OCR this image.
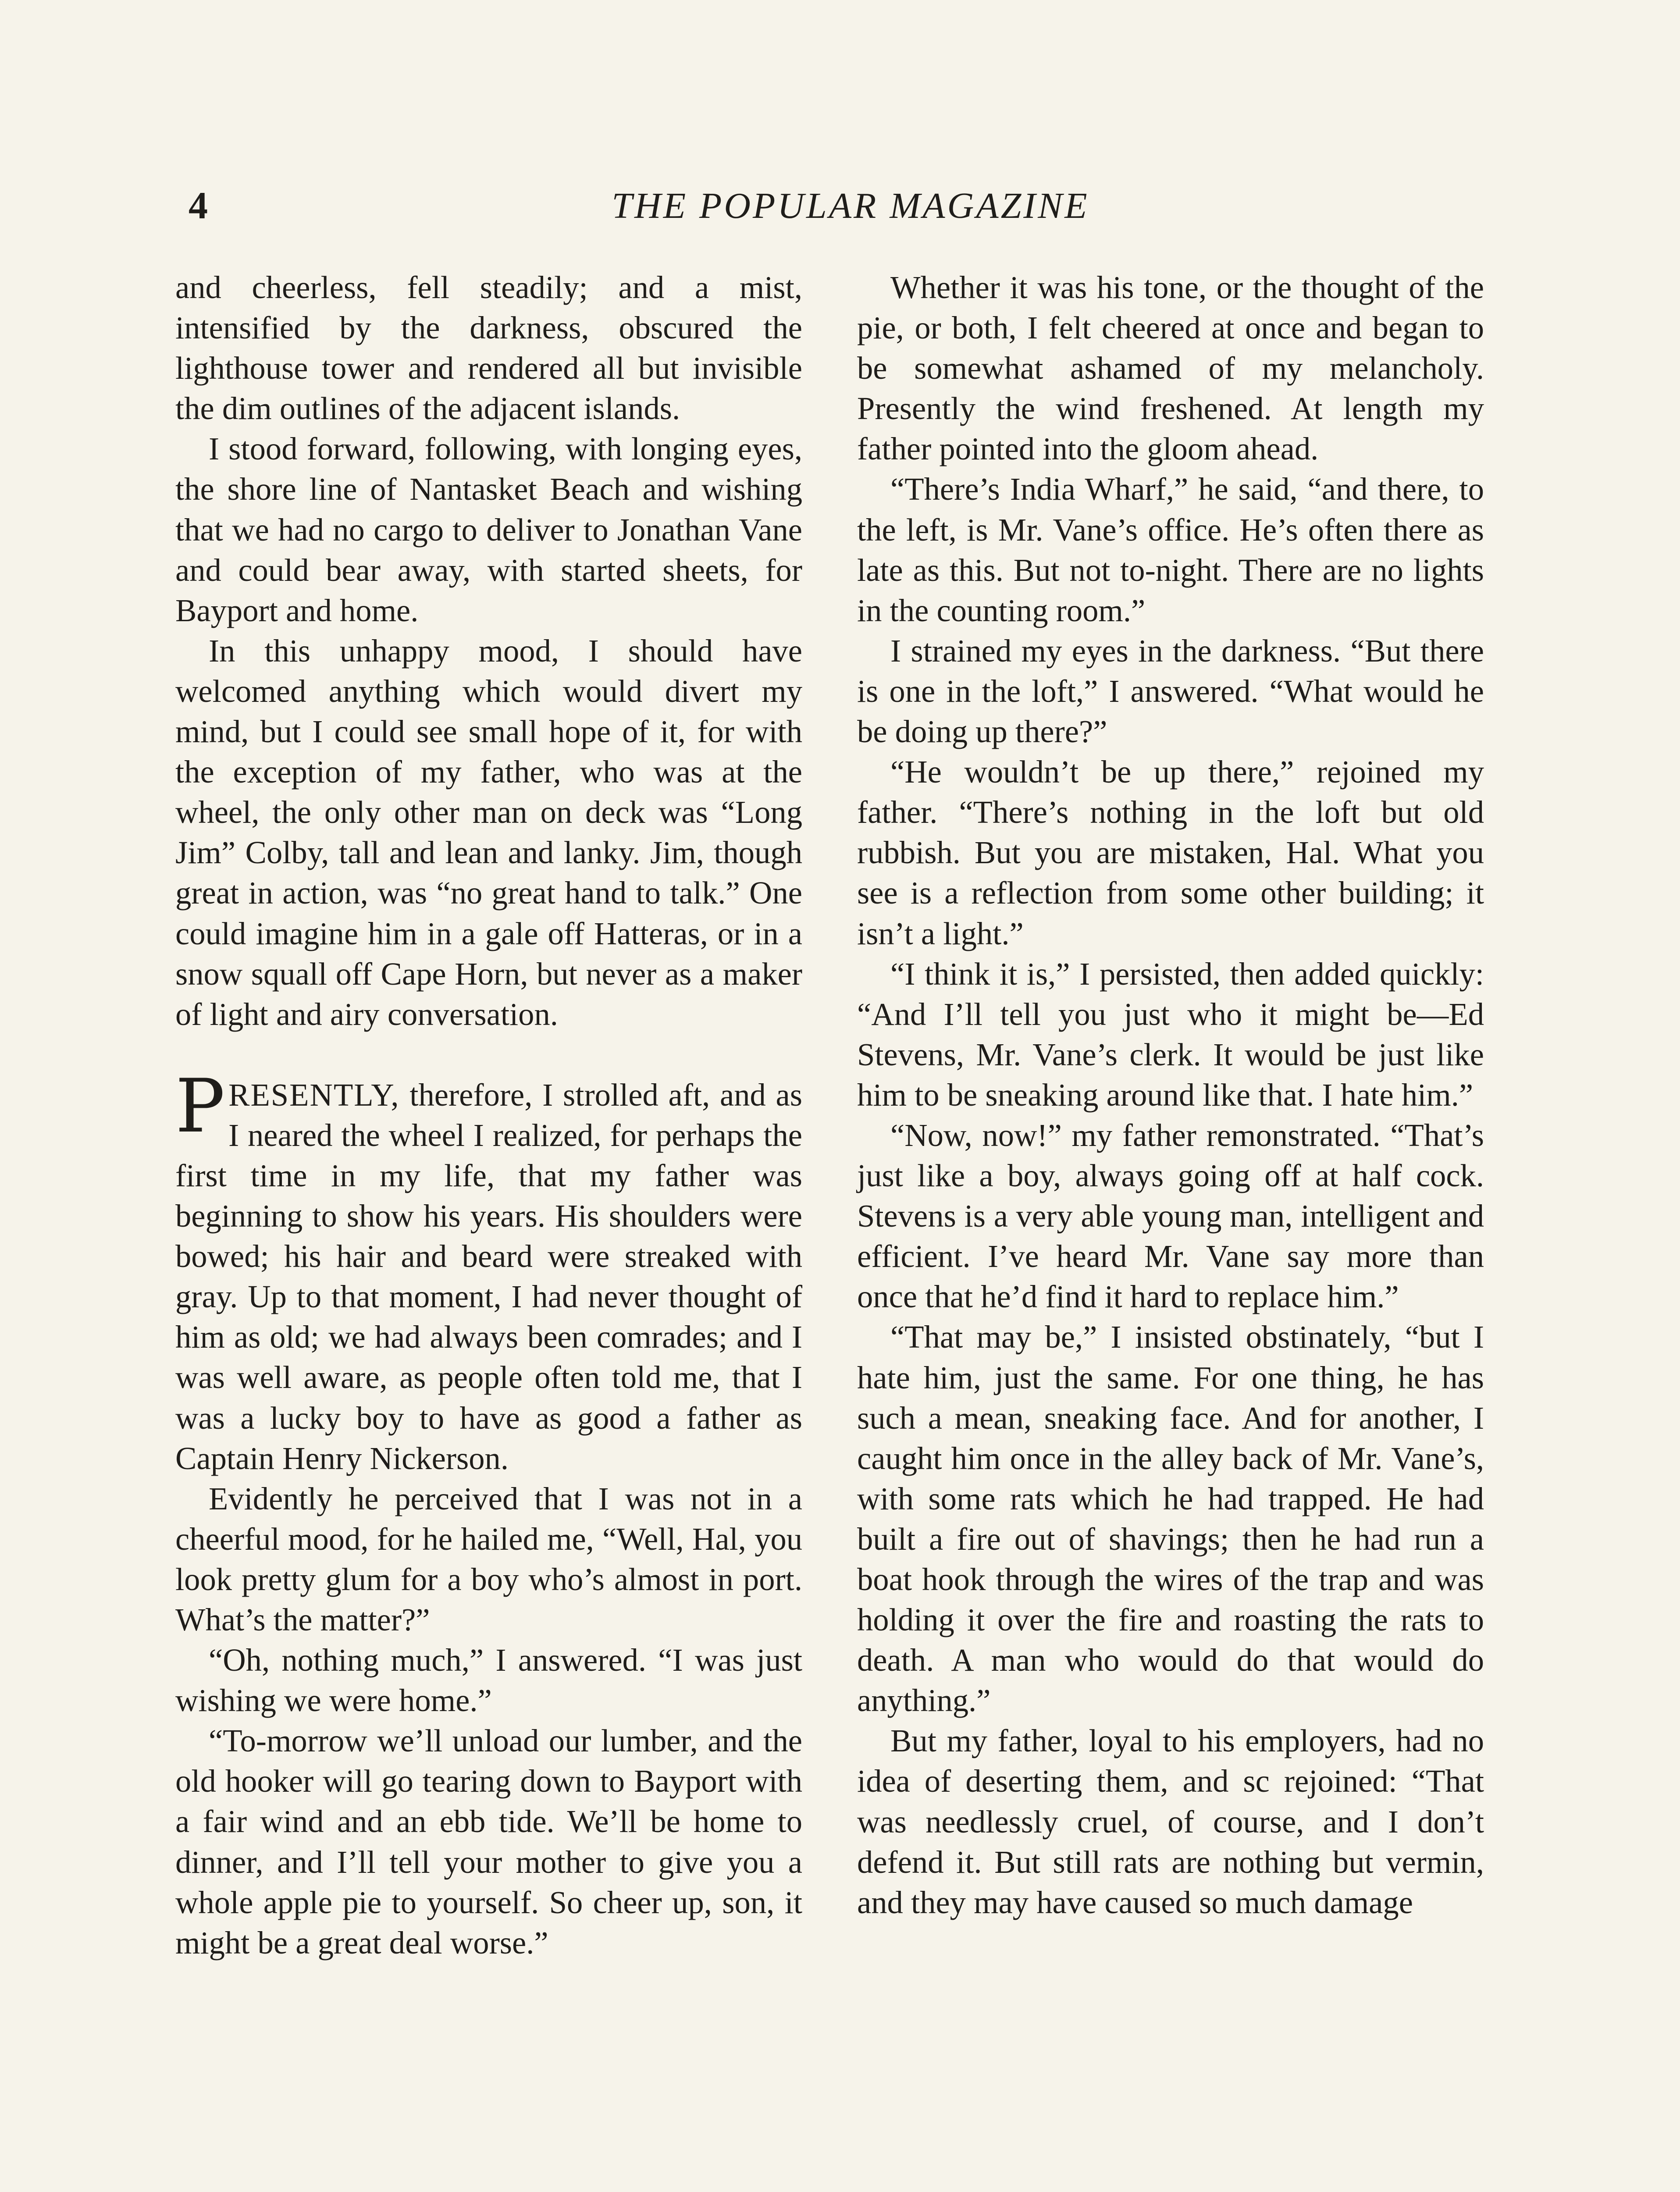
4	THE POPULAR MAGAZINE

and cheerless, fell steadily; and a mist, intensified by the darkness, obscured the lighthouse tower and rendered all but invisible the dim outlines of the adjacent islands.

I stood forward, following, with longing eyes, the shore line of Nantasket Beach and wishing that we had no cargo to deliver to Jonathan Vane and could bear away, with started sheets, for Bayport and home.

In this unhappy mood, I should have welcomed anything which would divert my mind, but I could see small hope of it, for with the exception of my father, who was at the wheel, the only other man on deck was “Long Jim” Colby, tall and lean and lanky. Jim, though great in action, was “no great hand to talk.” One could imagine him in a gale off Hatteras, or in a snow squall off Cape Horn, but never as a maker of light and airy conversation.

PRESENTLY, therefore, I strolled aft, and as I neared the wheel I realized, for perhaps the first time in my life, that my father was beginning to show his years. His shoulders were bowed; his hair and beard were streaked with gray. Up to that moment, I had never thought of him as old; we had always been comrades; and I was well aware, as people often told me, that I was a lucky boy to have as good a father as Captain Henry Nickerson.

Evidently he perceived that I was not in a cheerful mood, for he hailed me, “Well, Hal, you look pretty glum for a boy who’s almost in port. What’s the matter?”

“Oh, nothing much,” I answered. “I was just wishing we were home.”

“To-morrow we’ll unload our lumber, and the old hooker will go tearing down to Bayport with a fair wind and an ebb tide. We’ll be home to dinner, and I’ll tell your mother to give you a whole apple pie to yourself. So cheer up, son, it might be a great deal worse.”

Whether it was his tone, or the thought of the pie, or both, I felt cheered at once and began to be somewhat ashamed of my melancholy. Presently the wind freshened. At length my father pointed into the gloom ahead.

“There’s India Wharf,” he said, “and there, to the left, is Mr. Vane’s office. He’s often there as late as this. But not to-night. There are no lights in the counting room.”

I strained my eyes in the darkness. “But there is one in the loft,” I answered. “What would he be doing up there?”

“He wouldn’t be up there,” rejoined my father. “There’s nothing in the loft but old rubbish. But you are mistaken, Hal. What you see is a reflection from some other building; it isn’t a light.”

“I think it is,” I persisted, then added quickly: “And I’ll tell you just who it might be—Ed Stevens, Mr. Vane’s clerk. It would be just like him to be sneaking around like that. I hate him.”

“Now, now!” my father remonstrated. “That’s just like a boy, always going off at half cock. Stevens is a very able young man, intelligent and efficient. I’ve heard Mr. Vane say more than once that he’d find it hard to replace him.”

“That may be,” I insisted obstinately, “but I hate him, just the same. For one thing, he has such a mean, sneaking face. And for another, I caught him once in the alley back of Mr. Vane’s, with some rats which he had trapped. He had built a fire out of shavings; then he had run a boat hook through the wires of the trap and was holding it over the fire and roasting the rats to death. A man who would do that would do anything.”

But my father, loyal to his employers, had no idea of deserting them, and sc rejoined: “That was needlessly cruel, of course, and I don’t defend it. But still rats are nothing but vermin, and they may have caused so much damage
